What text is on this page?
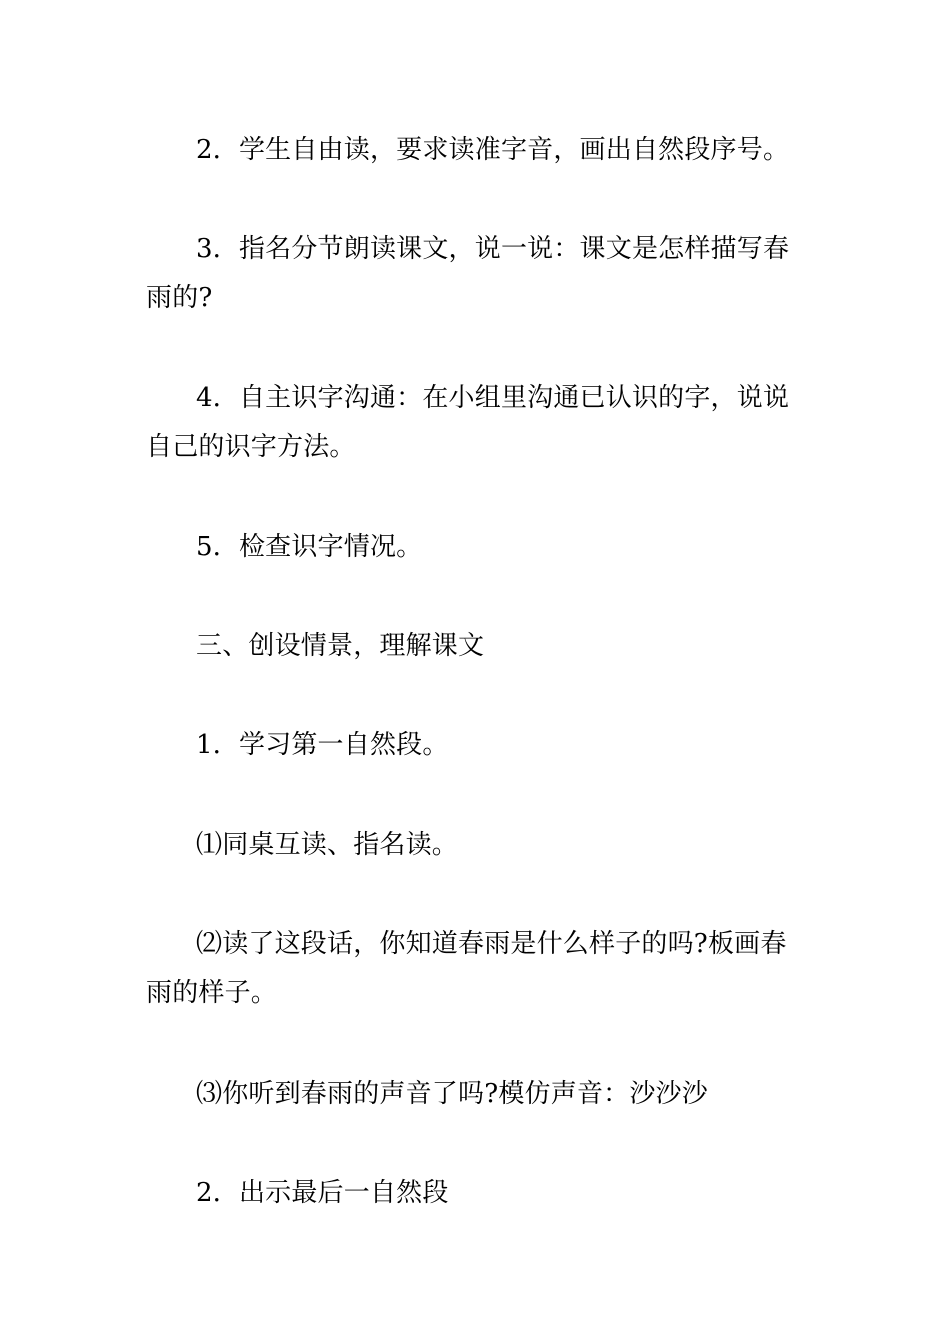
2．学生自由读，要求读准字音，画出自然段序号。

3．指名分节朗读课文，说一说：课文是怎样描写春雨的?

4．自主识字沟通：在小组里沟通已认识的字，说说自己的识字方法。

5．检查识字情况。

三、创设情景，理解课文

1．学习第一自然段。

⑴同桌互读、指名读。

⑵读了这段话，你知道春雨是什么样子的吗?板画春雨的样子。

⑶你听到春雨的声音了吗?模仿声音：沙沙沙

2．出示最后一自然段
